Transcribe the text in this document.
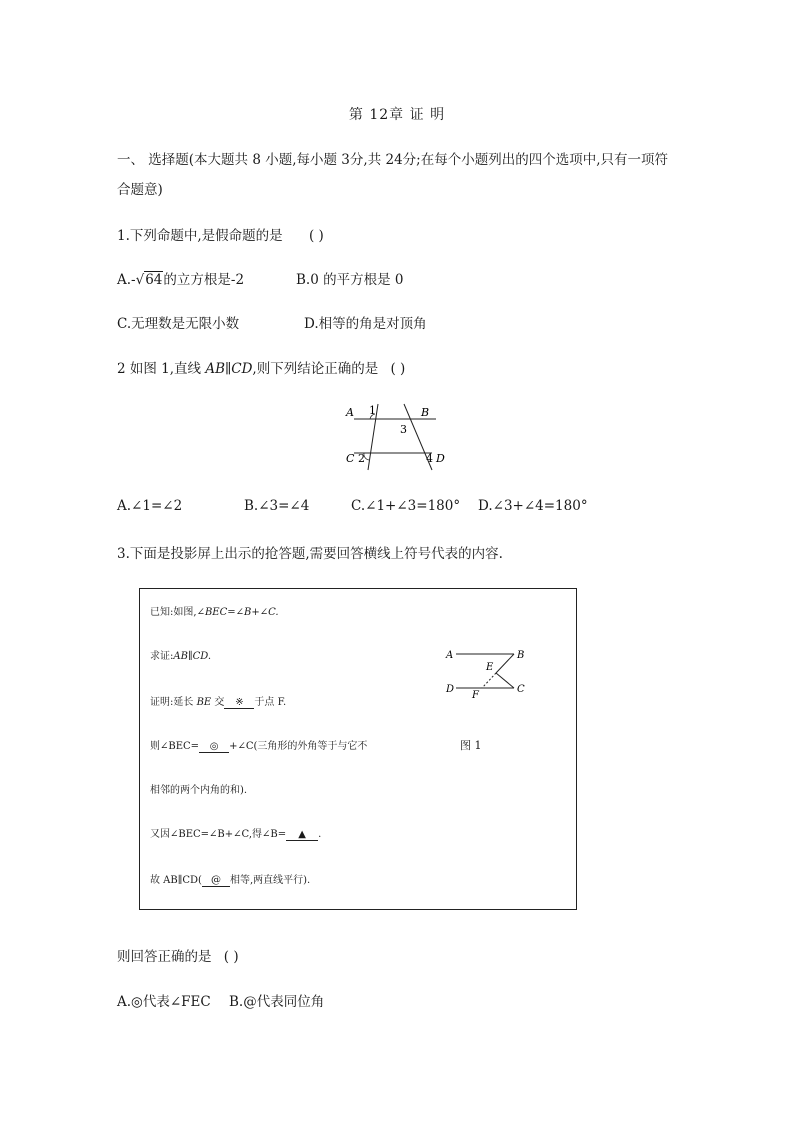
第 12章 证 明
一、 选择题(本大题共 8 小题,每小题 3分,共 24分;在每个小题列出的四个选项中,只有一项符
合题意)
1.下列命题中,是假命题的是 ( )
A.-√64的立方根是-2	B.0 的平方根是 0
C.无理数是无限小数	D.相等的角是对顶角
2 如图 1,直线 AB∥CD,则下列结论正确的是 ( )
A	B
C	D
1
2
3
4
A.∠1=∠2	B.∠3=∠4	C.∠1+∠3=180° D.∠3+∠4=180°
3.下面是投影屏上出示的抢答题,需要回答横线上符号代表的内容.
已知:如图,∠BEC=∠B+∠C.
求证:AB∥CD.
证明:延长 BE 交 ※ 于点 F.
则∠BEC= ◎ +∠C(三角形的外角等于与它不	图 1
相邻的两个内角的和).
又因∠BEC=∠B+∠C,得∠B= ▲ .
故 AB∥CD( @ 相等,两直线平行).
A	B
E
D	C
F
则回答正确的是 ( )
A.◎代表∠FEC B.@代表同位角
